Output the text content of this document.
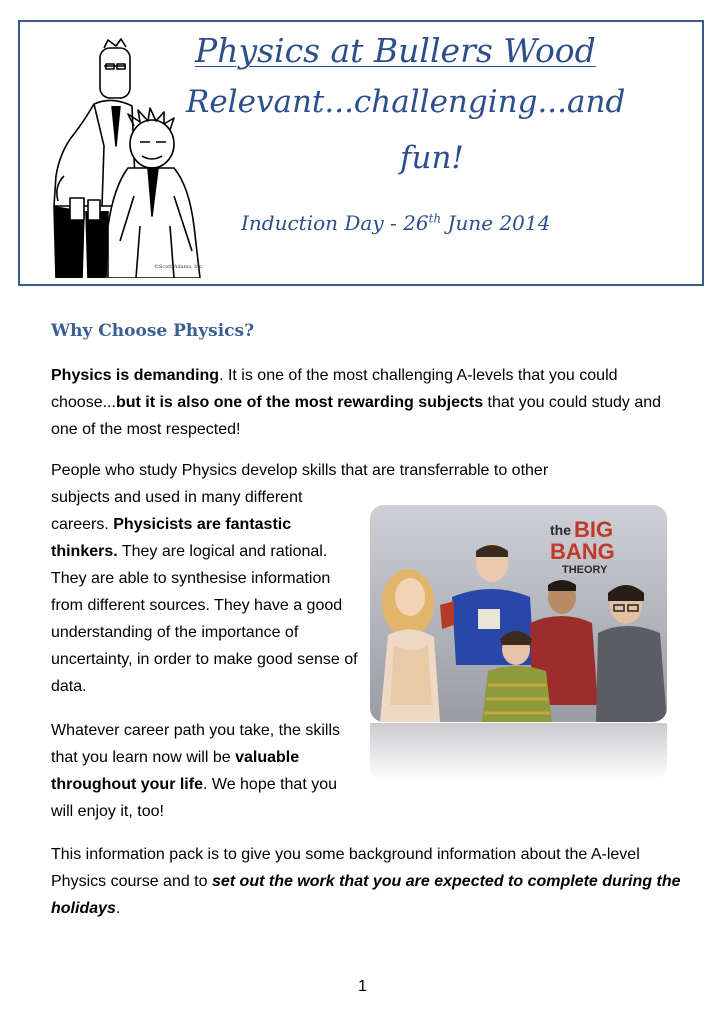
©Scott Adams, Inc.
Physics at Bullers Wood
Relevant...challenging...and
fun!
Induction Day - 26th June 2014
Why Choose Physics?

Physics is demanding. It is one of the most challenging A-levels that you could choose...but it is also one of the most rewarding subjects that you could study and one of the most respected!

People who study Physics develop skills that are transferrable to other

subjects and used in many different careers. Physicists are fantastic thinkers. They are logical and rational. They are able to synthesise information from different sources. They have a good understanding of the importance of uncertainty, in order to make good sense of data.

the BIG
BANG
THEORY

Whatever career path you take, the skills that you learn now will be valuable throughout your life. We hope that you will enjoy it, too!

This information pack is to give you some background information about the A-level Physics course and to set out the work that you are expected to complete during the holidays.

1
